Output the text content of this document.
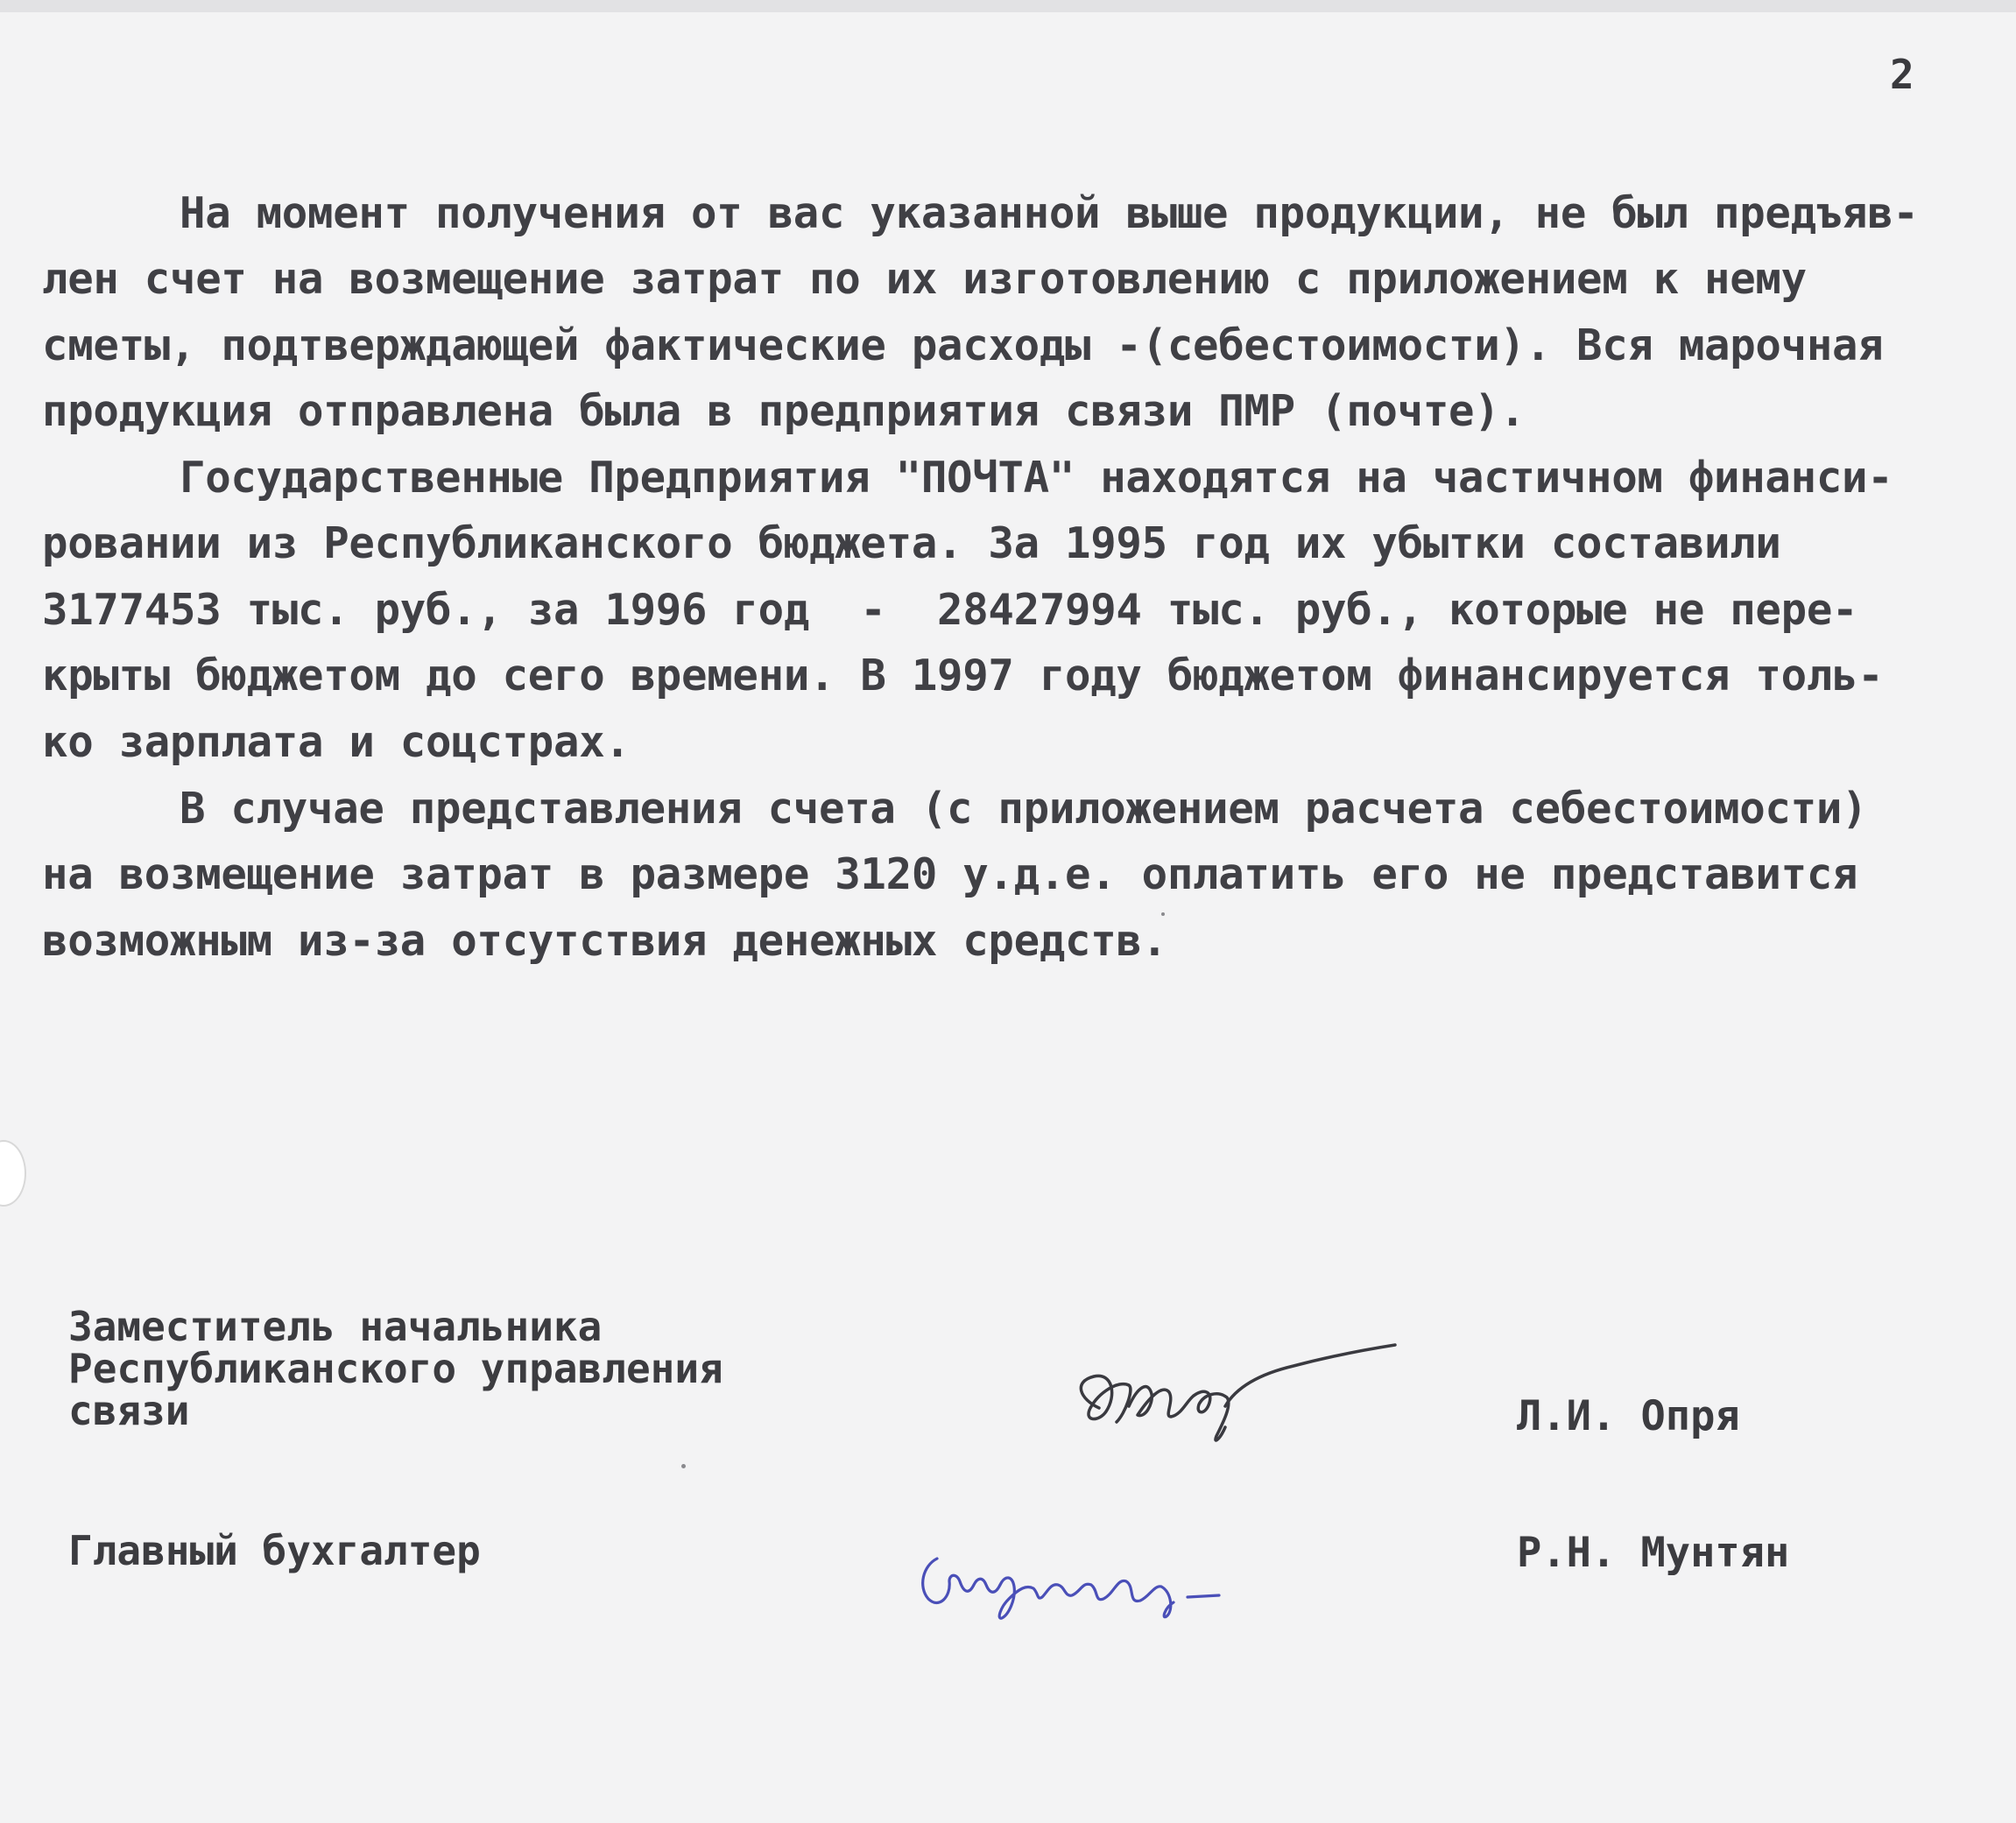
2
На момент получения от вас указанной выше продукции, не был предъяв-
лен счет на возмещение затрат по их изготовлению с приложением к нему
сметы, подтверждающей фактические расходы -(себестоимости). Вся марочная
продукция отправлена была в предприятия связи ПМР (почте).
Государственные Предприятия "ПОЧТА" находятся на частичном финанси-
ровании из Республиканского бюджета. За 1995 год их убытки составили
3177453 тыс. руб., за 1996 год  -  28427994 тыс. руб., которые не пере-
крыты бюджетом до сего времени. В 1997 году бюджетом финансируется толь-
ко зарплата и соцстрах.
В случае представления счета (с приложением расчета себестоимости)
на возмещение затрат в размере 3120 у.д.е. оплатить его не представится
возможным из-за отсутствия денежных средств.
Заместитель начальника
Республиканского управления
связи	Л.И. Опря
Главный бухгалтер	Р.Н. Мунтян
